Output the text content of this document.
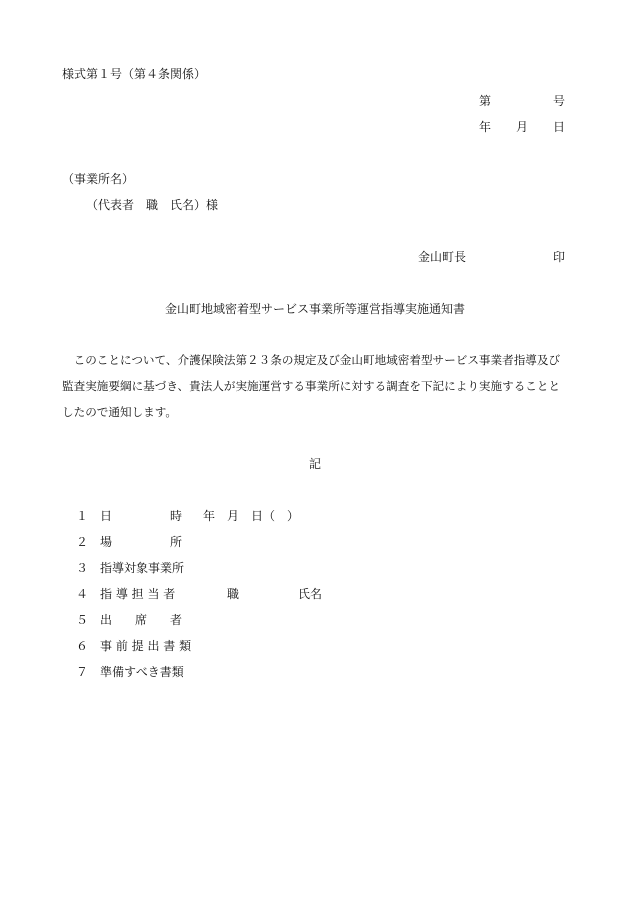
様式第１号（第４条関係）
第	号
年 月 日
（事業所名）
（代表者　職　氏名）様
金山町長	印
金山町地域密着型サービス事業所等運営指導実施通知書
　このことについて、介護保険法第２３条の規定及び金山町地域密着型サービス事業者指導及び
監査実施要綱に基づき、貴法人が実施運営する事業所に対する調査を下記により実施することと
したので通知します。
記
１ 日	時 年　月　日（　）
２ 場	所
３ 指導対象事業所
４ 指 導 担 当 者	職	氏名
５ 出 席 者
６ 事 前 提 出 書 類
７ 準備すべき書類
